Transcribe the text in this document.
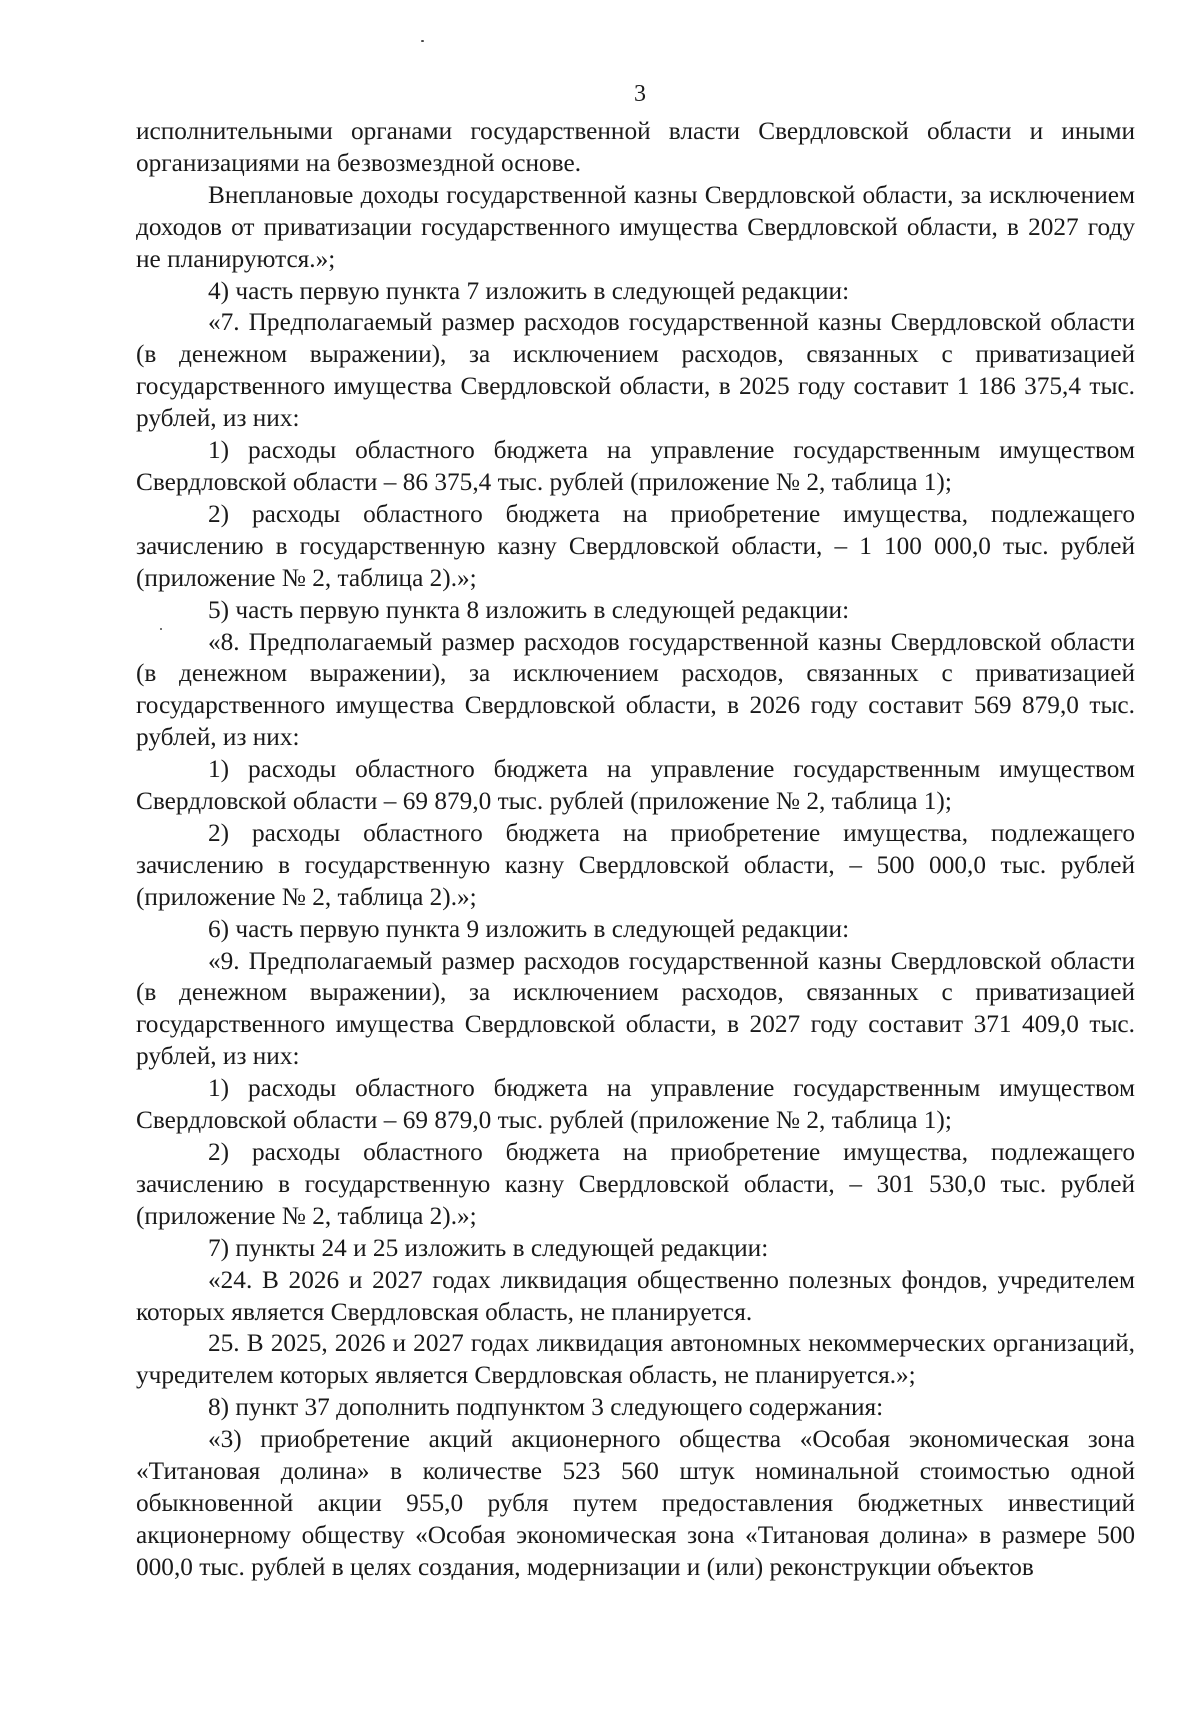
3

исполнительными органами государственной власти Свердловской области и иными организациями на безвозмездной основе.

Внеплановые доходы государственной казны Свердловской области, за исключением доходов от приватизации государственного имущества Свердловской области, в 2027 году не планируются.»;

4) часть первую пункта 7 изложить в следующей редакции:

«7. Предполагаемый размер расходов государственной казны Свердловской области (в денежном выражении), за исключением расходов, связанных с приватизацией государственного имущества Свердловской области, в 2025 году составит 1 186 375,4 тыс. рублей, из них:

1) расходы областного бюджета на управление государственным имуществом Свердловской области – 86 375,4 тыс. рублей (приложение № 2, таблица 1);

2) расходы областного бюджета на приобретение имущества, подлежащего зачислению в государственную казну Свердловской области, – 1 100 000,0 тыс. рублей (приложение № 2, таблица 2).»;

5) часть первую пункта 8 изложить в следующей редакции:

«8. Предполагаемый размер расходов государственной казны Свердловской области (в денежном выражении), за исключением расходов, связанных с приватизацией государственного имущества Свердловской области, в 2026 году составит 569 879,0 тыс. рублей, из них:

1) расходы областного бюджета на управление государственным имуществом Свердловской области – 69 879,0 тыс. рублей (приложение № 2, таблица 1);

2) расходы областного бюджета на приобретение имущества, подлежащего зачислению в государственную казну Свердловской области, – 500 000,0 тыс. рублей (приложение № 2, таблица 2).»;

6) часть первую пункта 9 изложить в следующей редакции:

«9. Предполагаемый размер расходов государственной казны Свердловской области (в денежном выражении), за исключением расходов, связанных с приватизацией государственного имущества Свердловской области, в 2027 году составит 371 409,0 тыс. рублей, из них:

1) расходы областного бюджета на управление государственным имуществом Свердловской области – 69 879,0 тыс. рублей (приложение № 2, таблица 1);

2) расходы областного бюджета на приобретение имущества, подлежащего зачислению в государственную казну Свердловской области, – 301 530,0 тыс. рублей (приложение № 2, таблица 2).»;

7) пункты 24 и 25 изложить в следующей редакции:

«24. В 2026 и 2027 годах ликвидация общественно полезных фондов, учредителем которых является Свердловская область, не планируется.

25. В 2025, 2026 и 2027 годах ликвидация автономных некоммерческих организаций, учредителем которых является Свердловская область, не планируется.»;

8) пункт 37 дополнить подпунктом 3 следующего содержания:

«3) приобретение акций акционерного общества «Особая экономическая зона «Титановая долина» в количестве 523 560 штук номинальной стоимостью одной обыкновенной акции 955,0 рубля путем предоставления бюджетных инвестиций акционерному обществу «Особая экономическая зона «Титановая долина» в размере 500 000,0 тыс. рублей в целях создания, модернизации и (или) реконструкции объектов
